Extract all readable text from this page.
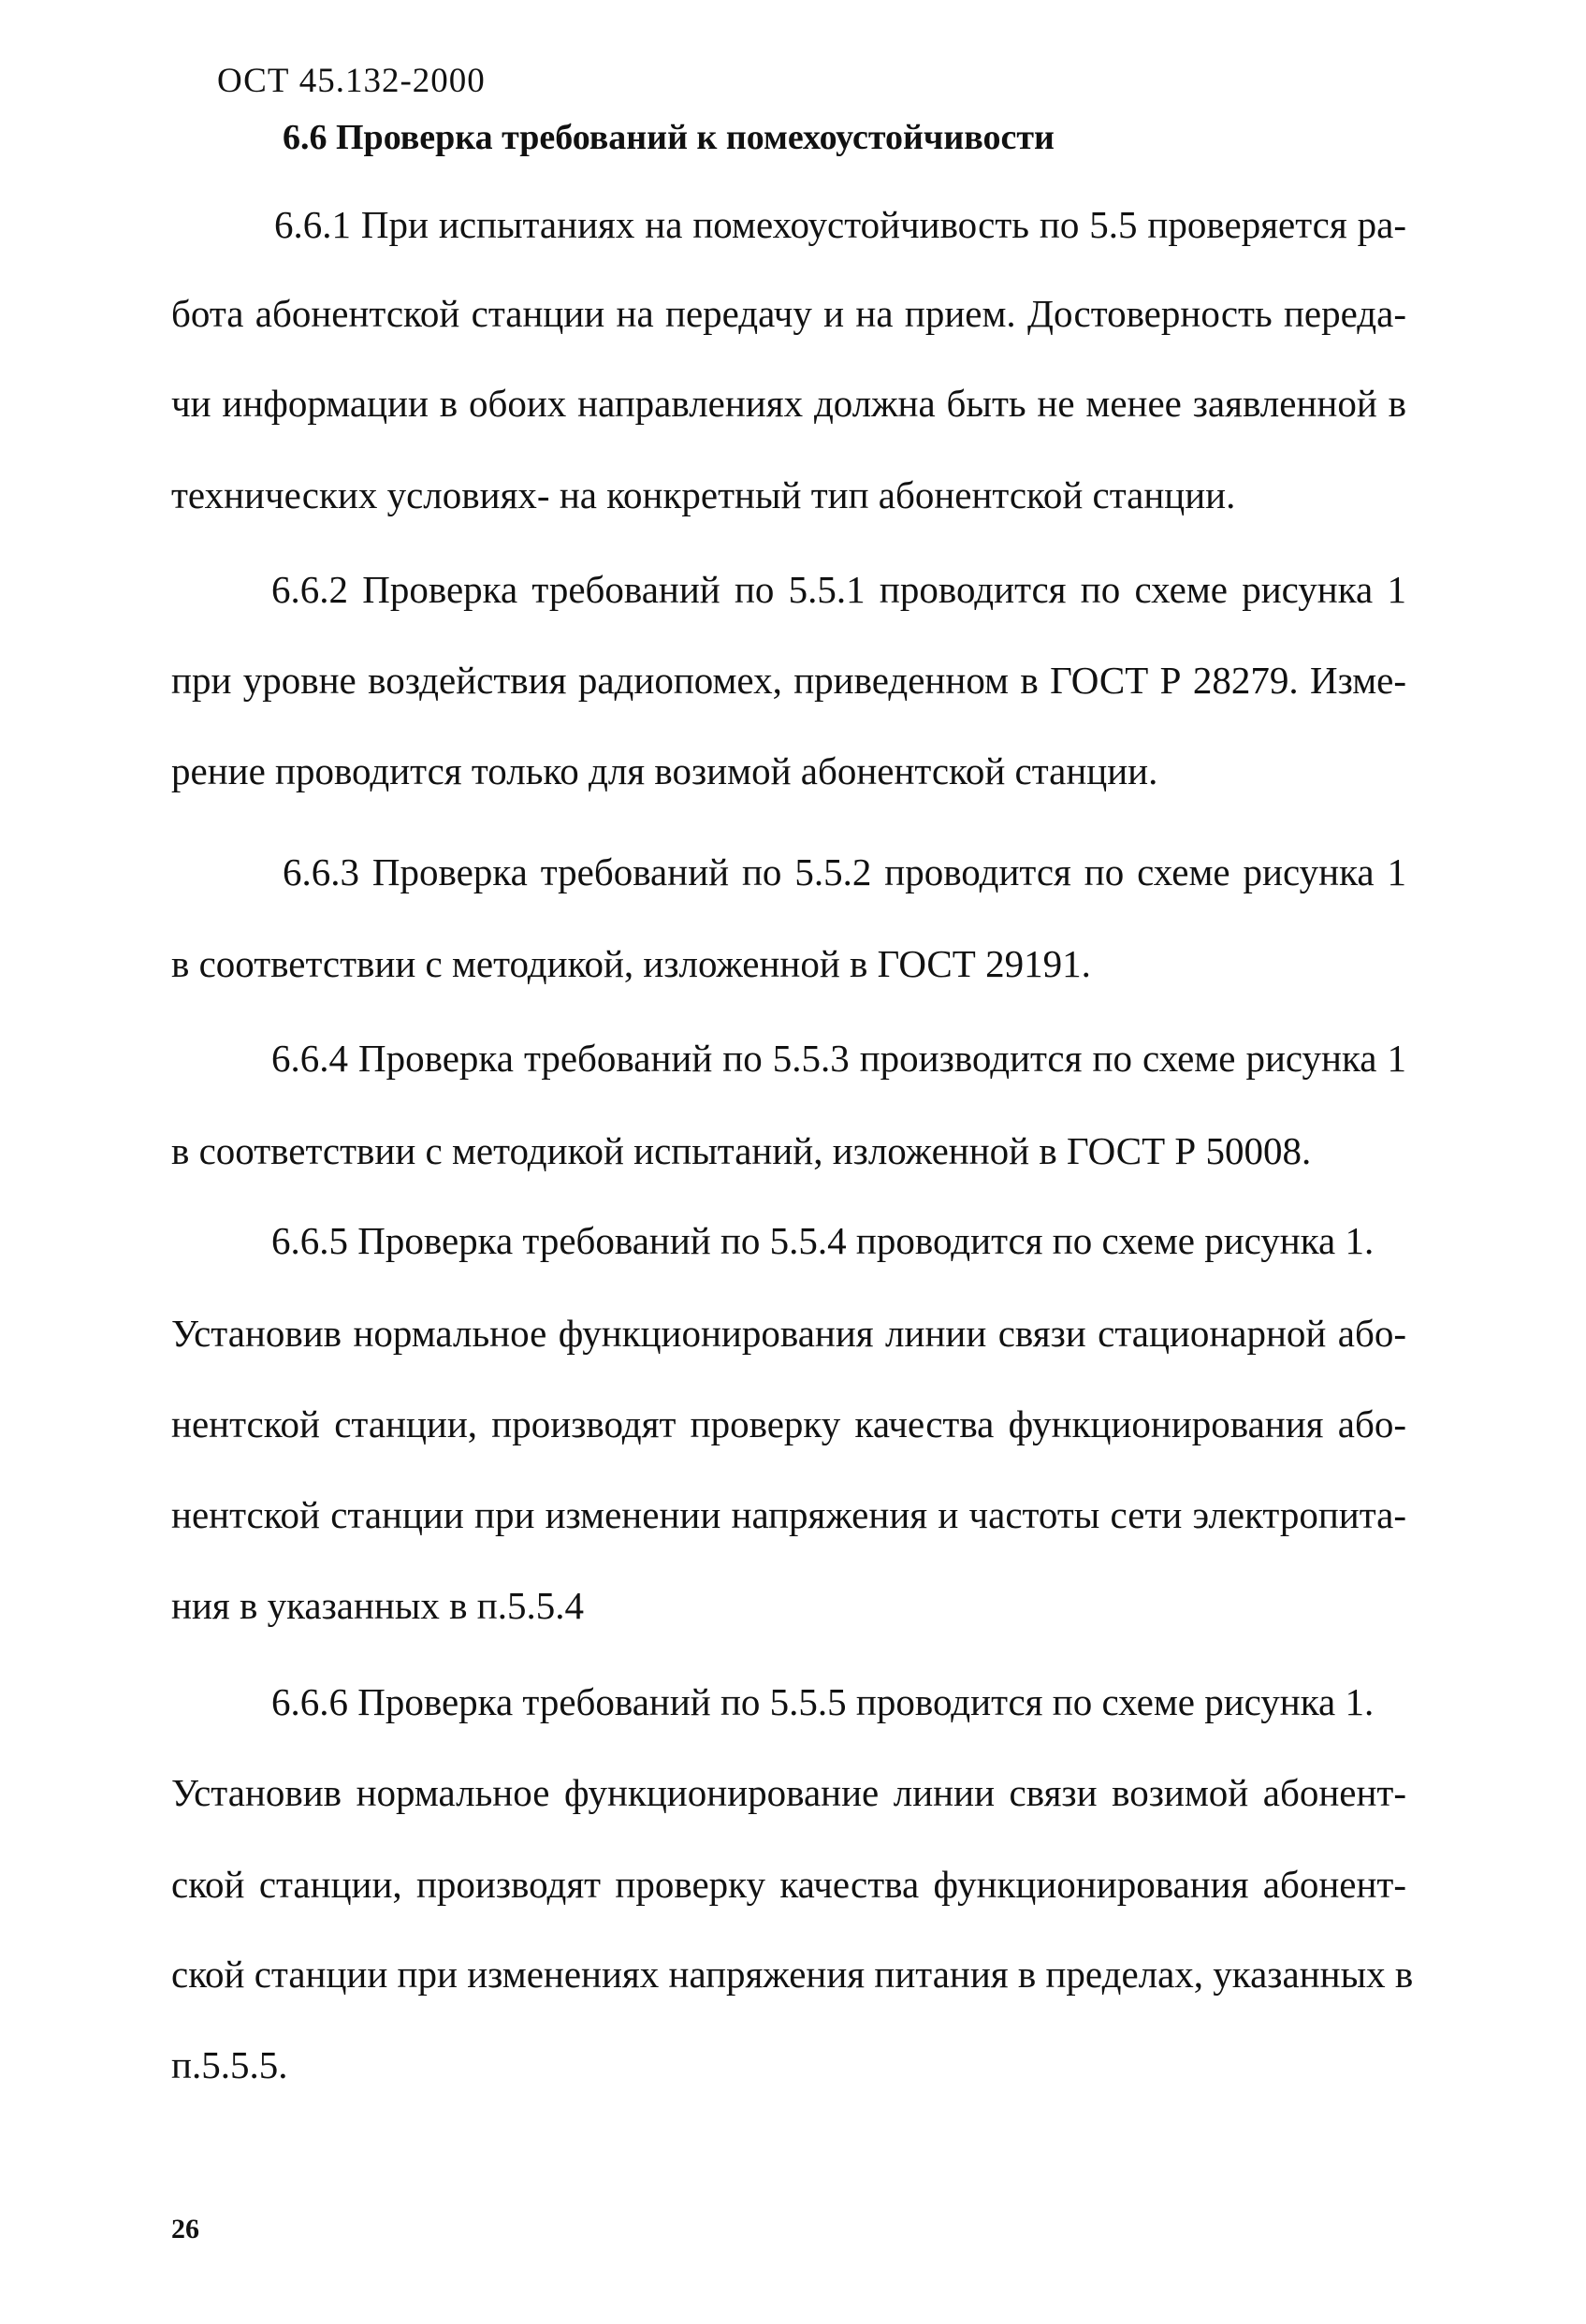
ОСТ 45.132-2000
6.6 Проверка требований к помехоустойчивости
6.6.1 При испытаниях на помехоустойчивость по 5.5 проверяется ра-
бота абонентской станции на передачу и на прием. Достоверность переда-
чи информации в обоих направлениях должна быть не менее заявленной в
технических условиях- на конкретный тип абонентской станции.
6.6.2 Проверка требований по 5.5.1 проводится по схеме рисунка 1
при уровне воздействия радиопомех, приведенном в ГОСТ Р 28279. Изме-
рение проводится только для возимой абонентской станции.
6.6.3 Проверка требований по 5.5.2 проводится по схеме рисунка 1
в соответствии с методикой, изложенной в ГОСТ 29191.
6.6.4 Проверка требований по 5.5.3 производится по схеме рисунка 1
в соответствии с методикой испытаний, изложенной в ГОСТ Р 50008.
6.6.5 Проверка требований по 5.5.4 проводится по схеме рисунка 1.
Установив нормальное функционирования линии связи стационарной або-
нентской станции, производят проверку качества функционирования або-
нентской станции при изменении напряжения и частоты сети электропита-
ния в указанных в п.5.5.4
6.6.6 Проверка требований по 5.5.5 проводится по схеме рисунка 1.
Установив нормальное функционирование линии связи возимой абонент-
ской станции, производят проверку качества функционирования абонент-
ской станции при изменениях напряжения питания в пределах, указанных в
п.5.5.5.
26
